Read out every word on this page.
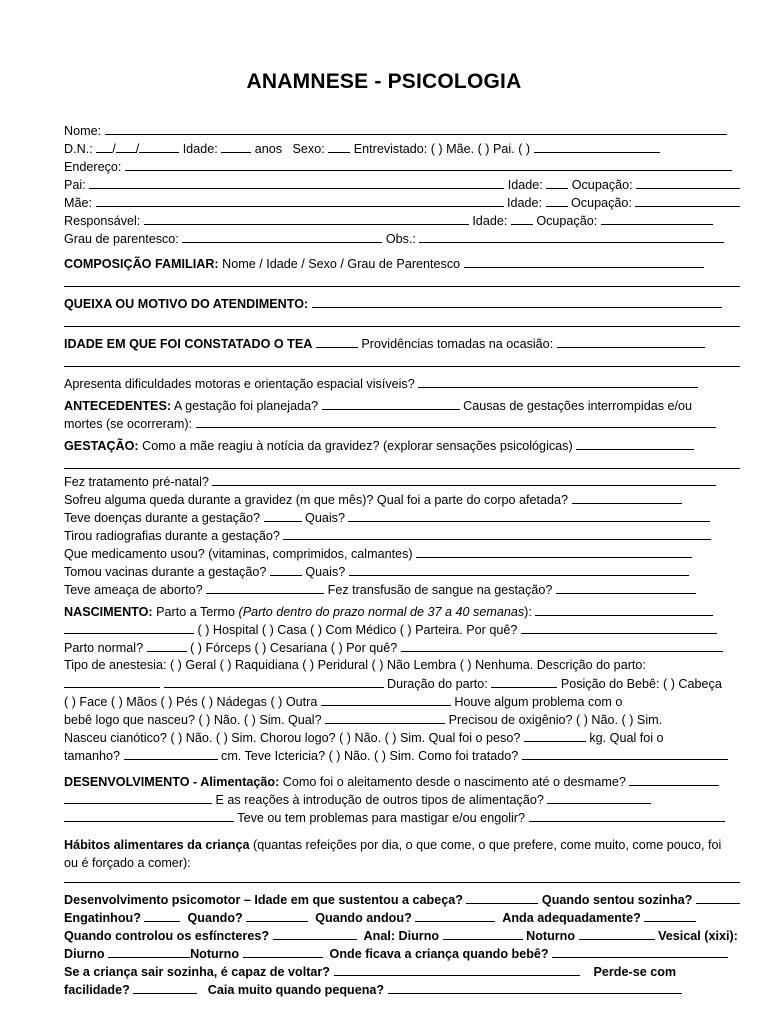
ANAMNESE - PSICOLOGIA
Nome:
D.N.: / /	Idade:	anos Sexo: Entrevistado: ( ) Mãe. ( ) Pai. ( )
Endereço:
Pai:	Idade: Ocupação:
Mãe:	Idade: Ocupação:
Responsável:	Idade: Ocupação:
Grau de parentesco:	Obs.:
COMPOSIÇÃO FAMILIAR: Nome / Idade / Sexo / Grau de Parentesco
QUEIXA OU MOTIVO DO ATENDIMENTO:
IDADE EM QUE FOI CONSTATADO O TEA	Providências tomadas na ocasião:
Apresenta dificuldades motoras e orientação espacial visíveis?
ANTECEDENTES: A gestação foi planejada?	Causas de gestações interrompidas e/ou
mortes (se ocorreram):
GESTAÇÃO: Como a mãe reagiu à notícia da gravidez? (explorar sensações psicológicas)
Fez tratamento pré-natal?
Sofreu alguma queda durante a gravidez (m que mês)? Qual foi a parte do corpo afetada?
Teve doenças durante a gestação?	Quais?
Tirou radiografias durante a gestação?
Que medicamento usou? (vitaminas, comprimidos, calmantes)
Tomou vacinas durante a gestação?	Quais?
Teve ameaça de aborto?	Fez transfusão de sangue na gestação?
NASCIMENTO: Parto a Termo (Parto dentro do prazo normal de 37 a 40 semanas):
( ) Hospital ( ) Casa ( ) Com Médico ( ) Parteira. Por quê?
Parto normal?	( ) Fórceps ( ) Cesariana ( ) Por quê?
Tipo de anestesia: ( ) Geral ( ) Raquidiana ( ) Peridural ( ) Não Lembra ( ) Nenhuma. Descrição do parto:
Duração do parto:	Posição do Bebê: ( ) Cabeça
( ) Face ( ) Mãos ( ) Pés ( ) Nádegas ( ) Outra	Houve algum problema com o
bebê logo que nasceu? ( ) Não. ( ) Sim. Qual?	Precisou de oxigênio? ( ) Não. ( ) Sim.
Nasceu cianótico? ( ) Não. ( ) Sim. Chorou logo? ( ) Não. ( ) Sim. Qual foi o peso?	kg. Qual foi o
tamanho?	cm. Teve Ictericia? ( ) Não. ( ) Sim. Como foi tratado?
DESENVOLVIMENTO - Alimentação: Como foi o aleitamento desde o nascimento até o desmame?
E as reações à introdução de outros tipos de alimentação?
Teve ou tem problemas para mastigar e/ou engolir?
Hábitos alimentares da criança (quantas refeições por dia, o que come, o que prefere, come muito, come pouco, foi
ou é forçado a comer):
Desenvolvimento psicomotor – Idade em que sustentou a cabeça?	Quando sentou sozinha?
Engatinhou?	Quando?	Quando andou?	Anda adequadamente?
Quando controlou os esfíncteres?	Anal: Diurno	Noturno	Vesical (xixi):
Diurno	Noturno	Onde ficava a criança quando bebê?
Se a criança sair sozinha, é capaz de voltar?	Perde-se com
facilidade?	Caia muito quando pequena?
